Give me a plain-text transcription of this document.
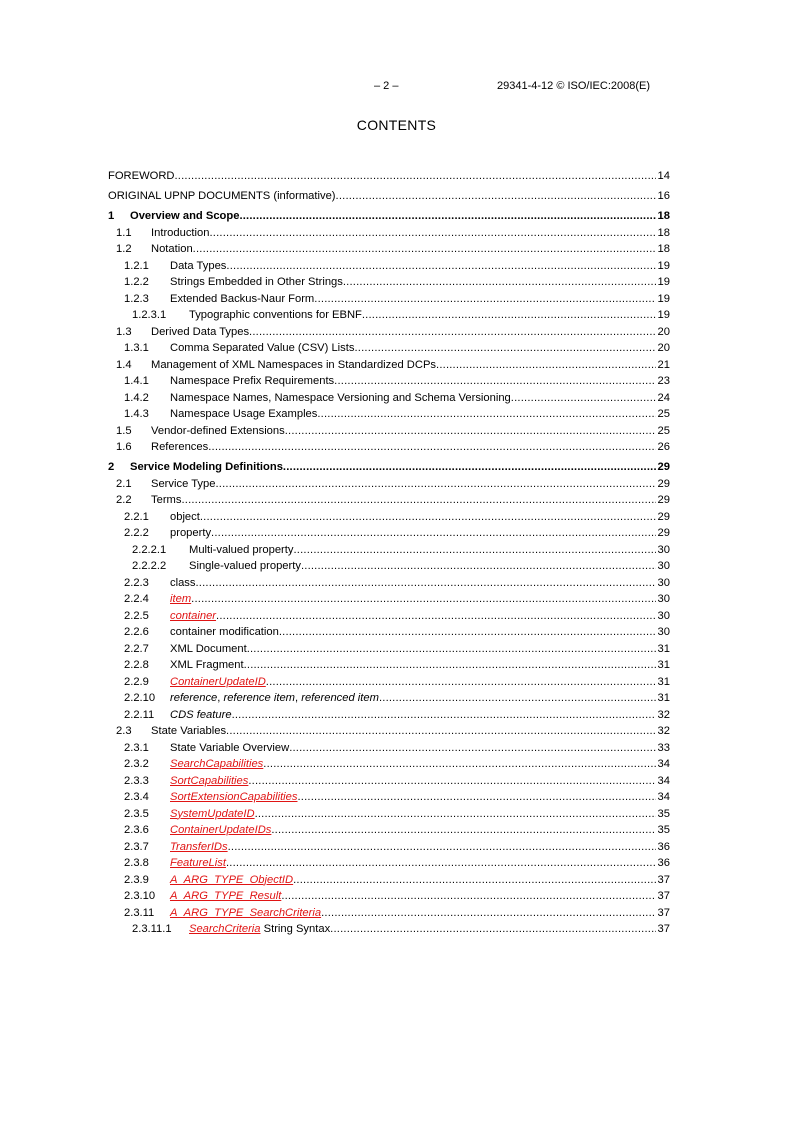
– 2 –	29341-4-12 © ISO/IEC:2008(E)
CONTENTS
FOREWORD .....	14
ORIGINAL UPNP DOCUMENTS (informative) .....	16
1	Overview and Scope .....	18
1.1	Introduction .....	18
1.2	Notation .....	18
1.2.1	Data Types .....	19
1.2.2	Strings Embedded in Other Strings .....	19
1.2.3	Extended Backus-Naur Form .....	19
1.2.3.1	Typographic conventions for EBNF .....	19
1.3	Derived Data Types .....	20
1.3.1	Comma Separated Value (CSV) Lists .....	20
1.4	Management of XML Namespaces in Standardized DCPs .....	21
1.4.1	Namespace Prefix Requirements .....	23
1.4.2	Namespace Names, Namespace Versioning and Schema Versioning .....	24
1.4.3	Namespace Usage Examples .....	25
1.5	Vendor-defined Extensions .....	25
1.6	References .....	26
2	Service Modeling Definitions .....	29
2.1	Service Type .....	29
2.2	Terms .....	29
2.2.1	object .....	29
2.2.2	property .....	29
2.2.2.1	Multi-valued property .....	30
2.2.2.2	Single-valued property .....	30
2.2.3	class .....	30
2.2.4	item .....	30
2.2.5	container .....	30
2.2.6	container modification .....	30
2.2.7	XML Document .....	31
2.2.8	XML Fragment .....	31
2.2.9	ContainerUpdateID .....	31
2.2.10	reference, reference item, referenced item .....	31
2.2.11	CDS feature .....	32
2.3	State Variables .....	32
2.3.1	State Variable Overview .....	33
2.3.2	SearchCapabilities .....	34
2.3.3	SortCapabilities .....	34
2.3.4	SortExtensionCapabilities .....	34
2.3.5	SystemUpdateID .....	35
2.3.6	ContainerUpdateIDs .....	35
2.3.7	TransferIDs .....	36
2.3.8	FeatureList .....	36
2.3.9	A_ARG_TYPE_ObjectID .....	37
2.3.10	A_ARG_TYPE_Result .....	37
2.3.11	A_ARG_TYPE_SearchCriteria .....	37
2.3.11.1	SearchCriteria String Syntax .....	37
